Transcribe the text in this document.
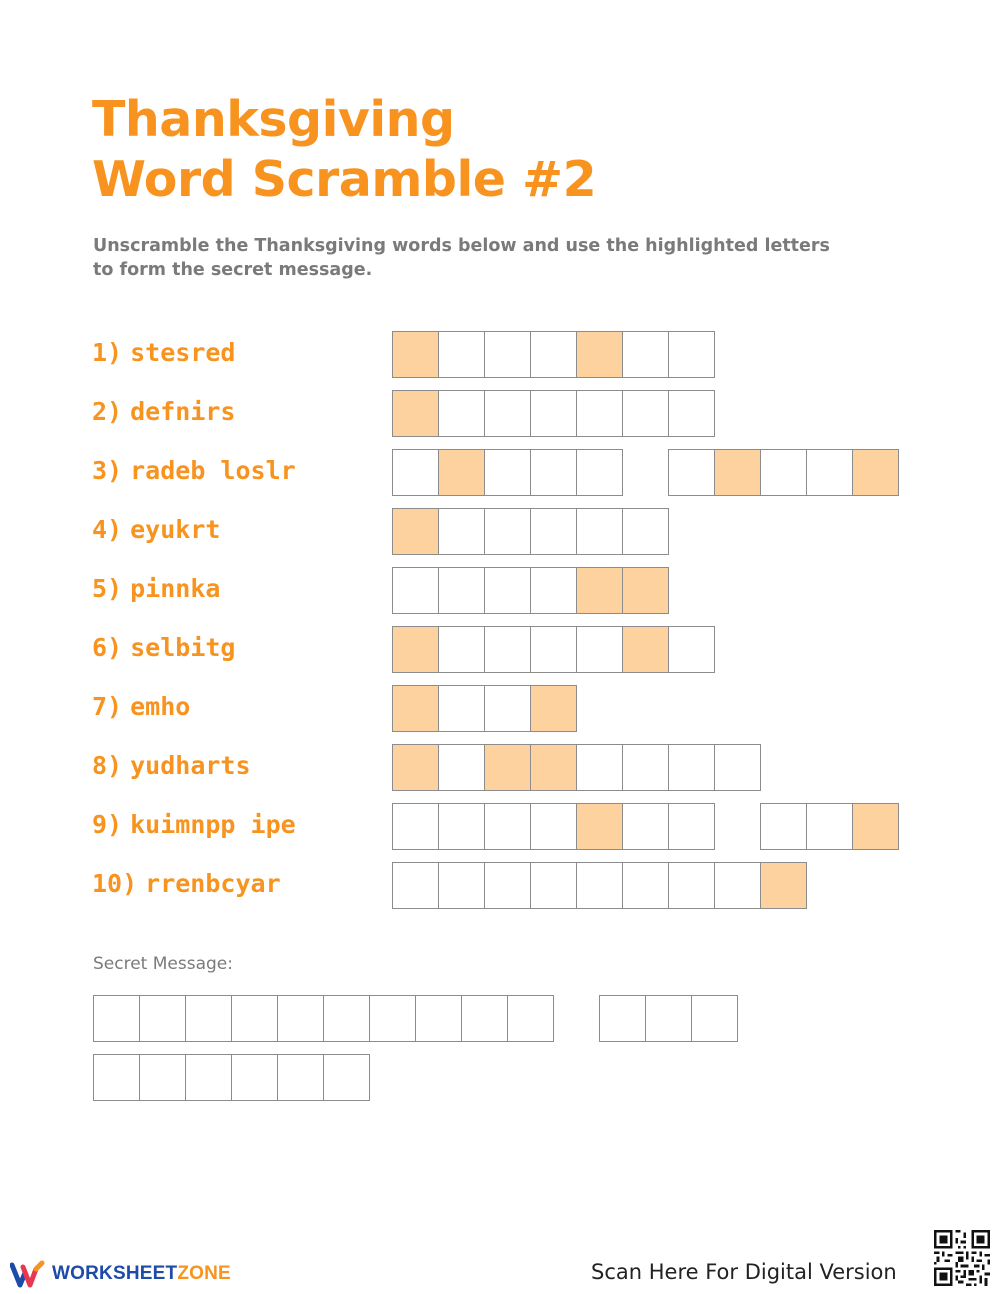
Thanksgiving
Word Scramble #2

Unscramble the Thanksgiving words below and use the highlighted letters to form the secret message.

1) stesred
2) defnirs
3) radeb loslr
4) eyukrt
5) pinnka
6) selbitg
7) emho
8) yudharts
9) kuimnpp ipe
10) rrenbcyar
Secret Message:
WORKSHEETZONE	Scan Here For Digital Version
